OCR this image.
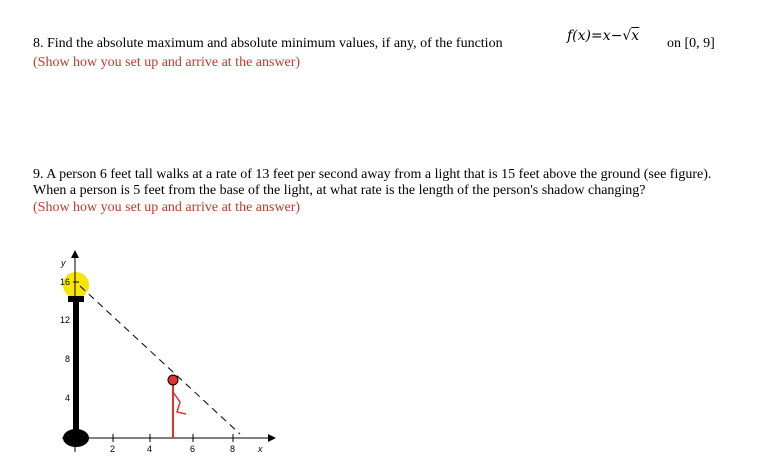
8. Find the absolute maximum and absolute minimum values, if any, of the function	f(x)=x−√x on [0, 9]
(Show how you set up and arrive at the answer)
9. A person 6 feet tall walks at a rate of 13 feet per second away from a light that is 15 feet above the ground (see figure).
When a person is 5 feet from the base of the light, at what rate is the length of the person's shadow changing?
(Show how you set up and arrive at the answer)
y
x
16
12
8
4
2	4	6	8
